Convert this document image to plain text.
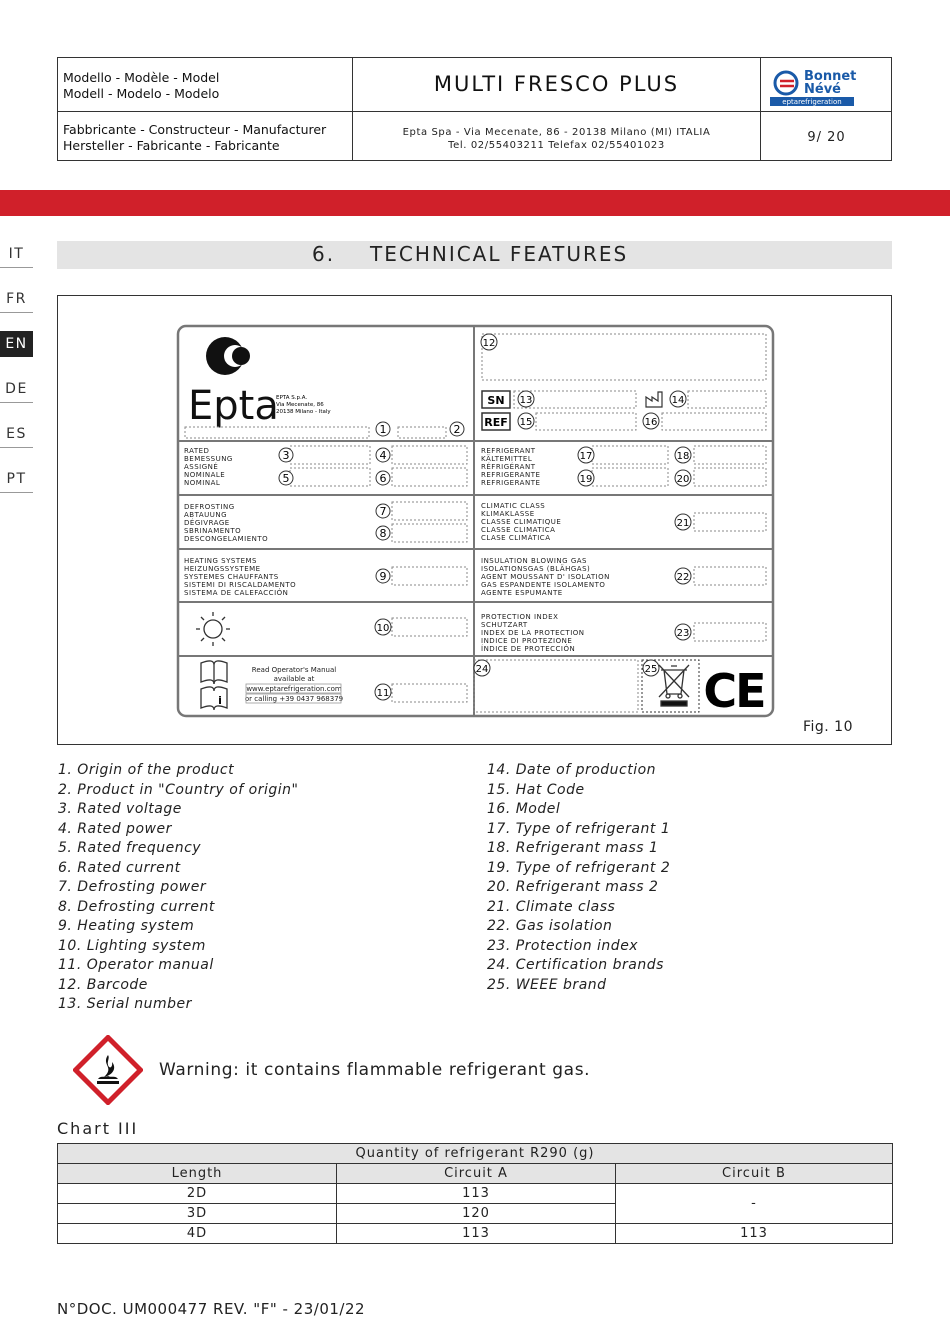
Modello - Modèle - Model
Modell - Modelo - Modelo	MULTI FRESCO PLUS	Bonnet
Névé
eptarefrigeration
Fabbricante - Constructeur - Manufacturer
Hersteller - Fabricante - Fabricante
Epta Spa - Via Mecenate, 86 - 20138 Milano (MI) ITALIA
Tel. 02/55403211 Telefax 02/55401023
9/ 20
IT
FR
EN
DE
ES
PT
6. TECHNICAL FEATURES
Epta
EPTA S.p.A.
Via Mecenate, 86
20138 Milano - Italy
SN
REF
RATED
BEMESSUNG
ASSIGNÉ
NOMINALE
NOMINAL
REFRIGERANT
KÄLTEMITTEL
RÉFRIGÉRANT
REFRIGERANTE
REFRIGERANTE
DEFROSTING
ABTAUUNG
DÉGIVRAGE
SBRINAMENTO
DESCONGELAMIENTO
CLIMATIC CLASS
KLIMAKLASSE
CLASSE CLIMATIQUE
CLASSE CLIMATICA
CLASE CLIMÁTICA
HEATING SYSTEMS
HEIZUNGSSYSTEME
SYSTEMES CHAUFFANTS
SISTEMI DI RISCALDAMENTO
SISTEMA DE CALEFACCIÓN
INSULATION BLOWING GAS
ISOLATIONSGAS (BLÄHGAS)
AGENT MOUSSANT D' ISOLATION
GAS ESPANDENTE ISOLAMENTO
AGENTE ESPUMANTE
PROTECTION INDEX
SCHUTZART
INDEX DE LA PROTECTION
INDICE DI PROTEZIONE
ÍNDICE DE PROTECCIÓN
i
Read Operator's Manual
available at
www.eptarefrigeration.com
or calling +39 0437 968379	CE
1	2
3	4
5	6
7
8
9
10
11
12
13	14
15	16
17	18
19	20
21
22
23
24	25
Fig. 10
1. Origin of the product
2. Product in "Country of origin"
3. Rated voltage
4. Rated power
5. Rated frequency
6. Rated current
7. Defrosting power
8. Defrosting current
9. Heating system
10. Lighting system
11. Operator manual
12. Barcode
13. Serial number
14. Date of production
15. Hat Code
16. Model
17. Type of refrigerant 1
18. Refrigerant mass 1
19. Type of refrigerant 2
20. Refrigerant mass 2
21. Climate class
22. Gas isolation
23. Protection index
24. Certification brands
25. WEEE brand
Warning: it contains flammable refrigerant gas.
Chart III
Quantity of refrigerant R290 (g)		
Length	Circuit A	Circuit B
2D	113	-
3D	120	
4D	113	113
N°DOC. UM000477 REV. "F" - 23/01/22
